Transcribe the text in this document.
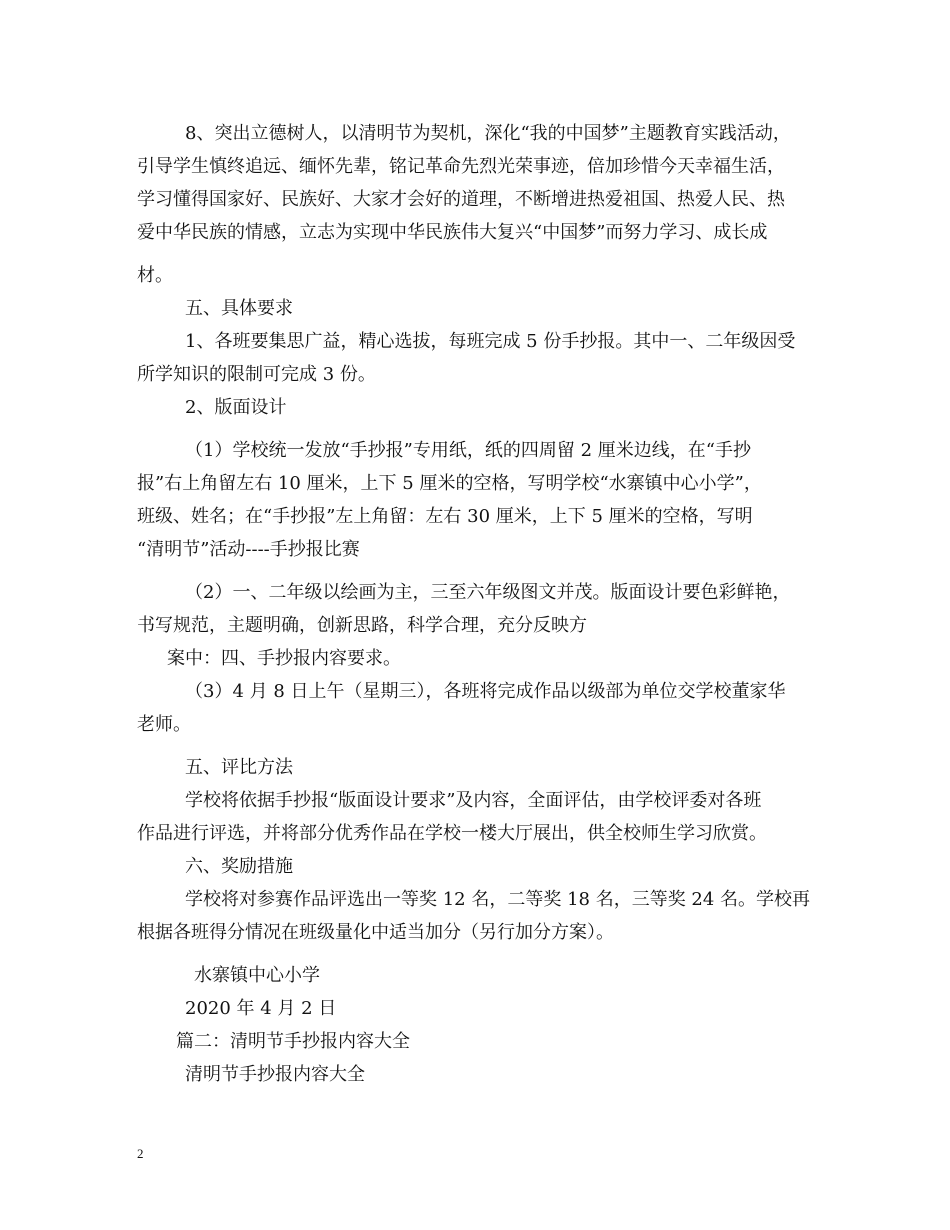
8、突出立德树人，以清明节为契机，深化“我的中国梦”主题教育实践活动，
引导学生慎终追远、缅怀先辈，铭记革命先烈光荣事迹，倍加珍惜今天幸福生活，
学习懂得国家好、民族好、大家才会好的道理，不断增进热爱祖国、热爱人民、热
爱中华民族的情感，立志为实现中华民族伟大复兴“中国梦”而努力学习、成长成
材。
五、具体要求
1、各班要集思广益，精心选拔，每班完成 5 份手抄报。其中一、二年级因受
所学知识的限制可完成 3 份。
2、版面设计
（1）学校统一发放“手抄报”专用纸，纸的四周留 2 厘米边线，在“手抄
报”右上角留左右 10 厘米，上下 5 厘米的空格，写明学校“水寨镇中心小学”，
班级、姓名；在“手抄报”左上角留：左右 30 厘米，上下 5 厘米的空格，写明
“清明节”活动----手抄报比赛
（2）一、二年级以绘画为主，三至六年级图文并茂。版面设计要色彩鲜艳，
书写规范，主题明确，创新思路，科学合理，充分反映方
案中：四、手抄报内容要求。
（3）4 月 8 日上午（星期三），各班将完成作品以级部为单位交学校董家华
老师。
五、评比方法
学校将依据手抄报“版面设计要求”及内容，全面评估，由学校评委对各班
作品进行评选，并将部分优秀作品在学校一楼大厅展出，供全校师生学习欣赏。
六、奖励措施
学校将对参赛作品评选出一等奖 12 名，二等奖 18 名，三等奖 24 名。学校再
根据各班得分情况在班级量化中适当加分（另行加分方案）。
水寨镇中心小学
2020 年 4 月 2 日
篇二：清明节手抄报内容大全
清明节手抄报内容大全
2
